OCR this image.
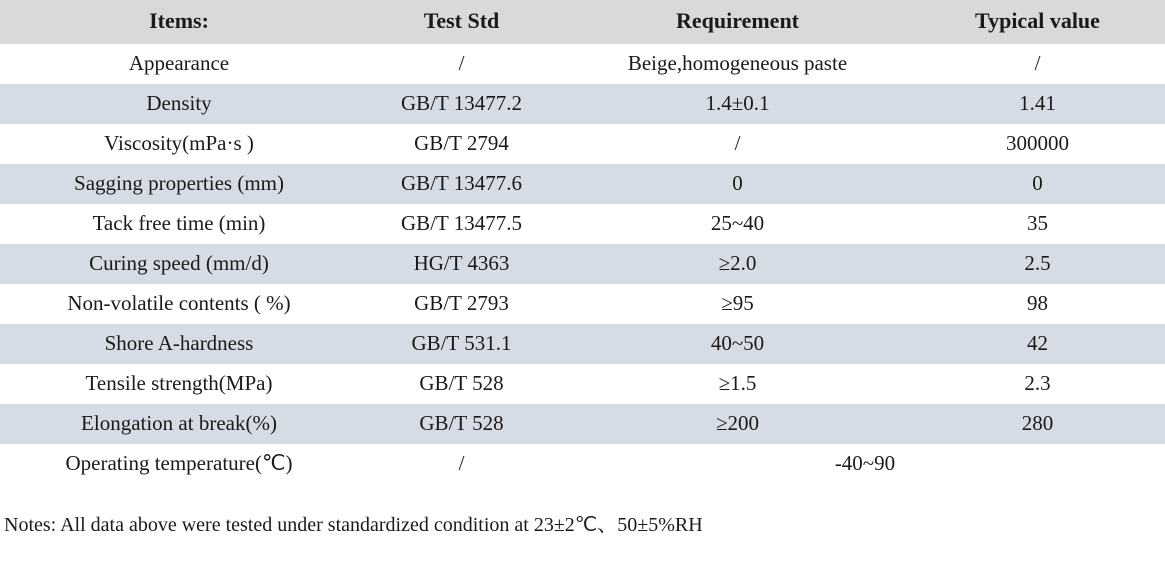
Items:	Test Std	Requirement	Typical value
Appearance	/	Beige,homogeneous paste	/
Density	GB/T 13477.2	1.4±0.1	1.41
Viscosity(mPa·s )	GB/T 2794	/	300000
Sagging properties (mm)	GB/T 13477.6	0	0
Tack free time (min)	GB/T 13477.5	25~40	35
Curing speed (mm/d)	HG/T 4363	≥2.0	2.5
Non-volatile contents ( %)	GB/T 2793	≥95	98
Shore A-hardness	GB/T 531.1	40~50	42
Tensile strength(MPa)	GB/T 528	≥1.5	2.3
Elongation at break(%)	GB/T 528	≥200	280
Operating temperature(℃)	/	-40~90	
Notes: All data above were tested under standardized condition at 23±2℃、50±5%RH
